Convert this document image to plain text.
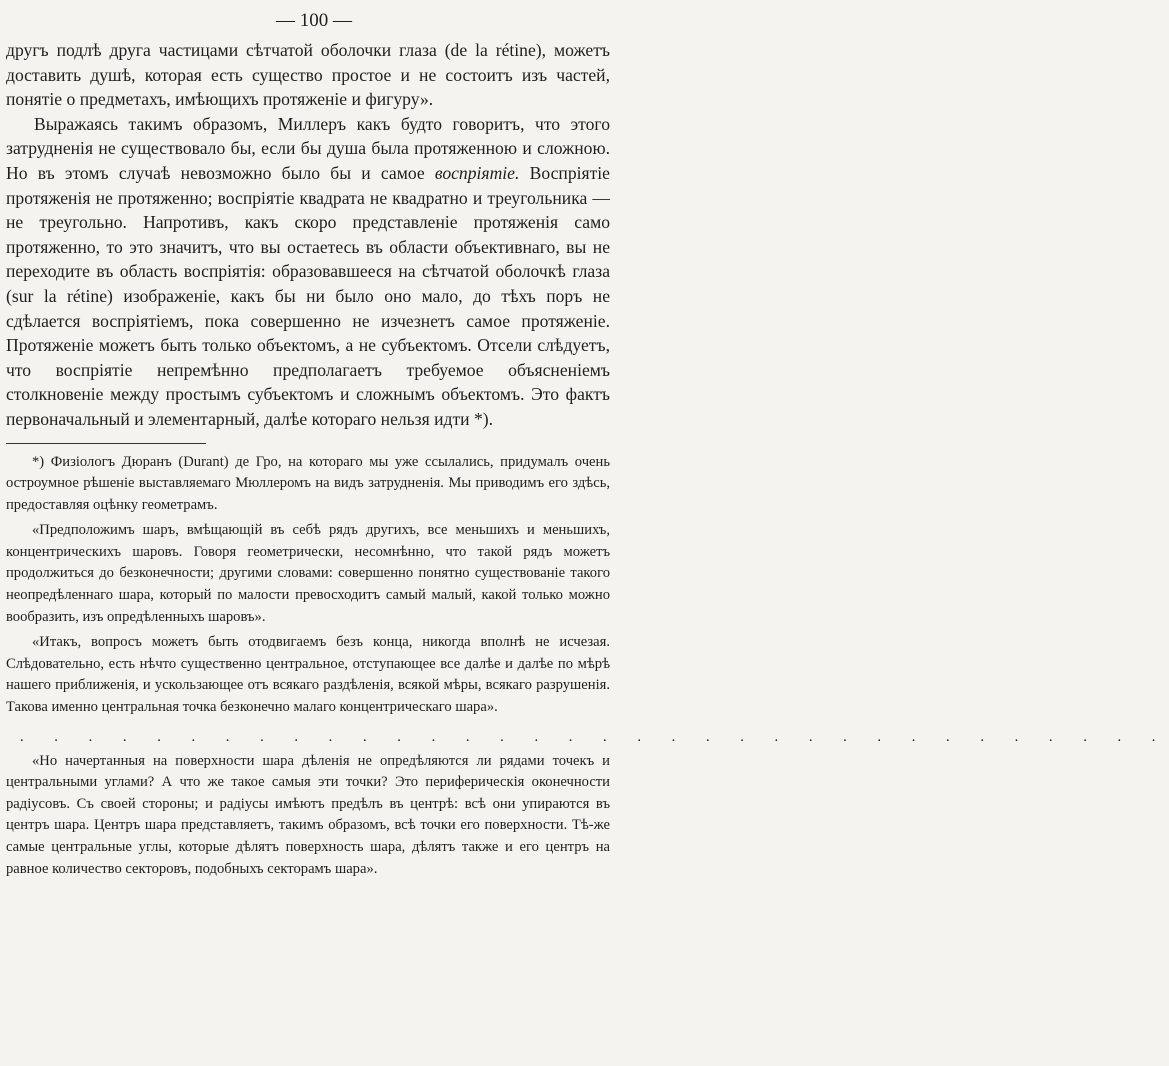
— 100 —

другъ подлѣ друга частицами сѣтчатой оболочки глаза (de la rétine), можетъ доставить душѣ, которая есть существо простое и не состоитъ изъ частей, понятіе о предметахъ, имѣющихъ протяженіе и фигуру».

Выражаясь такимъ образомъ, Миллеръ какъ будто говоритъ, что этого затрудненія не существовало бы, если бы душа была протяженною и сложною. Но въ этомъ случаѣ невозможно было бы и самое воспріятіе. Воспріятіе протяженія не протяженно; воспріятіе квадрата не квадратно и треугольника — не треугольно. Напротивъ, какъ скоро представленіе протяженія само протяженно, то это значитъ, что вы остаетесь въ области объективнаго, вы не переходите въ область воспріятія: образовавшееся на сѣтчатой оболочкѣ глаза (sur la rétine) изображеніе, какъ бы ни было оно мало, до тѣхъ поръ не сдѣлается воспріятіемъ, пока совершенно не изчезнетъ самое протяженіе. Протяженіе можетъ быть только объектомъ, а не субъектомъ. Отсели слѣдуетъ, что воспріятіе непремѣнно предполагаетъ требуемое объясненіемъ столкновеніе между простымъ субъектомъ и сложнымъ объектомъ. Это фактъ первоначальный и элементарный, далѣе котораго нельзя идти *).

*) Физіологъ Дюранъ (Durant) де Гро, на котораго мы уже ссылались, придумалъ очень остроумное рѣшеніе выставляемаго Мюллеромъ на видъ затрудненія. Мы приводимъ его здѣсь, предоставляя оцѣнку геометрамъ.

«Предположимъ шаръ, вмѣщающій въ себѣ рядъ другихъ, все меньшихъ и меньшихъ, концентрическихъ шаровъ. Говоря геометрически, несомнѣнно, что такой рядъ можетъ продолжиться до безконечности; другими словами: совершенно понятно существованіе такого неопредѣленнаго шара, который по малости превосходитъ самый малый, какой только можно вообразить, изъ опредѣленныхъ шаровъ».

«Итакъ, вопросъ можетъ быть отодвигаемъ безъ конца, никогда вполнѣ не исчезая. Слѣдовательно, есть нѣчто существенно центральное, отступающее все далѣе и далѣе по мѣрѣ нашего приближенія, и ускользающее отъ всякаго раздѣленія, всякой мѣры, всякаго разрушенія. Такова именно центральная точка безконечно малаго концентрическаго шара».

. . . . . . . . . . . . . . . . . . . . . . . . . . . . . . . . . .

«Но начертанныя на поверхности шара дѣленія не опредѣляются ли рядами точекъ и центральными углами? А что же такое самыя эти точки? Это периферическія оконечности радіусовъ. Съ своей стороны; и радіусы имѣютъ предѣлъ въ центрѣ: всѣ они упираются въ центръ шара. Центръ шара представляетъ, такимъ образомъ, всѣ точки его поверхности. Тѣ-же самые центральные углы, которые дѣлятъ поверхность шара, дѣлятъ также и его центръ на равное количество секторовъ, подобныхъ секторамъ шара».
